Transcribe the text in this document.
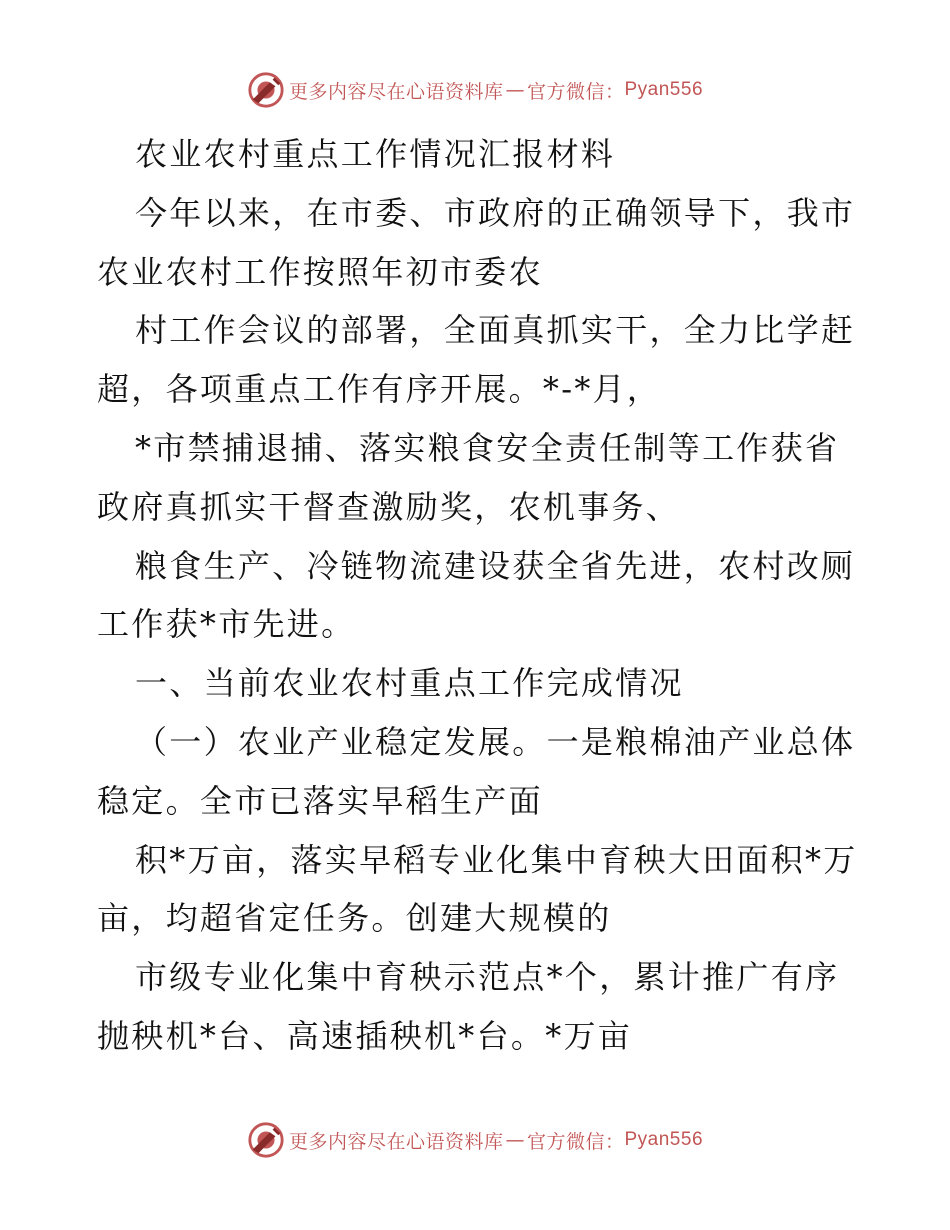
更多内容尽在心语资料库 — 官方微信： Pyan556

农业农村重点工作情况汇报材料

今年以来，在市委、市政府的正确领导下，我市

农业农村工作按照年初市委农

村工作会议的部署，全面真抓实干，全力比学赶

超，各项重点工作有序开展。*-*月，

*市禁捕退捕、落实粮食安全责任制等工作获省

政府真抓实干督查激励奖，农机事务、

粮食生产、冷链物流建设获全省先进，农村改厕

工作获*市先进。

一、当前农业农村重点工作完成情况

（一）农业产业稳定发展。一是粮棉油产业总体

稳定。全市已落实早稻生产面

积*万亩，落实早稻专业化集中育秧大田面积*万

亩，均超省定任务。创建大规模的

市级专业化集中育秧示范点*个，累计推广有序

抛秧机*台、高速插秧机*台。*万亩

更多内容尽在心语资料库 — 官方微信： Pyan556
